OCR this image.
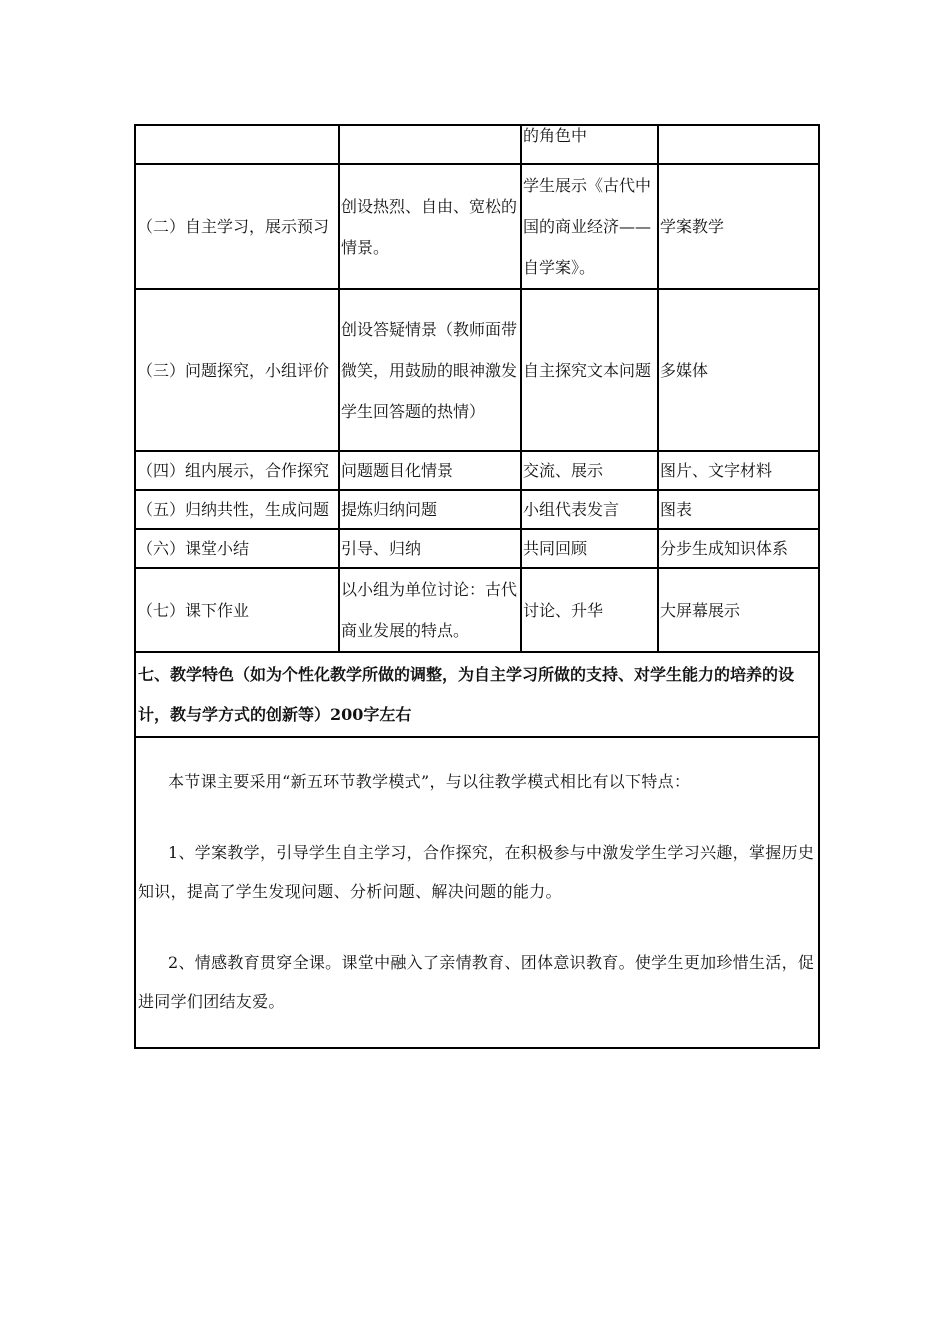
		的角色中	
（二）自主学习，展示预习	创设热烈、自由、宽松的情景。	学生展示《古代中国的商业经济——自学案》。	学案教学
（三）问题探究，小组评价	创设答疑情景（教师面带微笑，用鼓励的眼神激发学生回答题的热情）	自主探究文本问题	多媒体
（四）组内展示，合作探究	问题题目化情景	交流、展示	图片、文字材料
（五）归纳共性，生成问题	提炼归纳问题	小组代表发言	图表
（六）课堂小结	引导、归纳	共同回顾	分步生成知识体系
（七）课下作业	以小组为单位讨论：古代商业发展的特点。	讨论、升华	大屏幕展示
七、教学特色（如为个性化教学所做的调整，为自主学习所做的支持、对学生能力的培养的设计，教与学方式的创新等）200字左右			

本节课主要采用“新五环节教学模式”，与以往教学模式相比有以下特点：

1、学案教学，引导学生自主学习，合作探究，在积极参与中激发学生学习兴趣，掌握历史知识，提高了学生发现问题、分析问题、解决问题的能力。

2、情感教育贯穿全课。课堂中融入了亲情教育、团体意识教育。使学生更加珍惜生活，促进同学们团结友爱。			
